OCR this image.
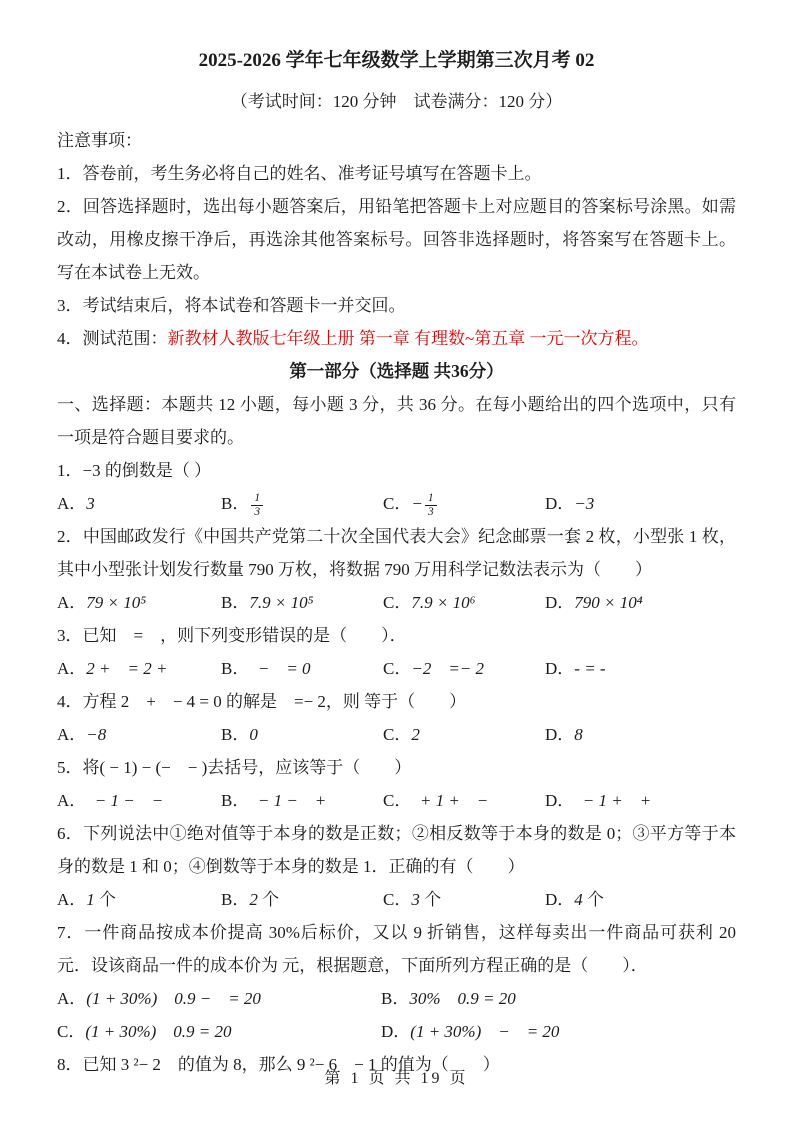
2025-2026 学年七年级数学上学期第三次月考 02

（考试时间：120 分钟　试卷满分：120 分）

注意事项：

1．答卷前，考生务必将自己的姓名、准考证号填写在答题卡上。

2．回答选择题时，选出每小题答案后，用铅笔把答题卡上对应题目的答案标号涂黑。如需改动，用橡皮擦干净后，再选涂其他答案标号。回答非选择题时，将答案写在答题卡上。写在本试卷上无效。

3．考试结束后，将本试卷和答题卡一并交回。

4．测试范围：新教材人教版七年级上册 第一章 有理数~第五章 一元一次方程。

第一部分（选择题 共36分）

一、选择题：本题共 12 小题，每小题 3 分，共 36 分。在每小题给出的四个选项中，只有一项是符合题目要求的。

1．−3 的倒数是（ ）

A．3	B． $\frac{1}{3}$	C．− $\frac{1}{3}$	D．−3

2．中国邮政发行《中国共产党第二十次全国代表大会》纪念邮票一套 2 枚，小型张 1 枚，其中小型张计划发行数量 790 万枚，将数据 790 万用科学记数法表示为（　　）

A．79 × 10⁵	B．7.9 × 10⁵	C．7.9 × 10⁶	D．790 × 10⁴

3．已知　=　，则下列变形错误的是（　　）．

A．2 +　= 2 +	B．　−　= 0	C．−2　=− 2	D．- = -

4．方程 2　+　− 4 = 0 的解是　=− 2，则 等于（　　）

A．−8	B．0	C．2	D．8

5．将( − 1) − (−　− )去括号，应该等于（　　）

A．　− 1 −　−	B．　− 1 −　+	C．　+ 1 +　−	D．　− 1 +　+

6．下列说法中①绝对值等于本身的数是正数；②相反数等于本身的数是 0；③平方等于本身的数是 1 和 0；④倒数等于本身的数是 1．正确的有（　　）

A．1 个	B．2 个	C．3 个	D．4 个

7．一件商品按成本价提高 30%后标价，又以 9 折销售，这样每卖出一件商品可获利 20 元．设该商品一件的成本价为 元，根据题意，下面所列方程正确的是（　　）．

A．(1 + 30%)　0.9 −　= 20	B．30%　0.9 = 20
C．(1 + 30%)　0.9 = 20	D．(1 + 30%)　−　= 20

8．已知 3 ²− 2　的值为 8，那么 9 ²− 6　− 1 的值为（　　）

第 1 页 共 19 页
